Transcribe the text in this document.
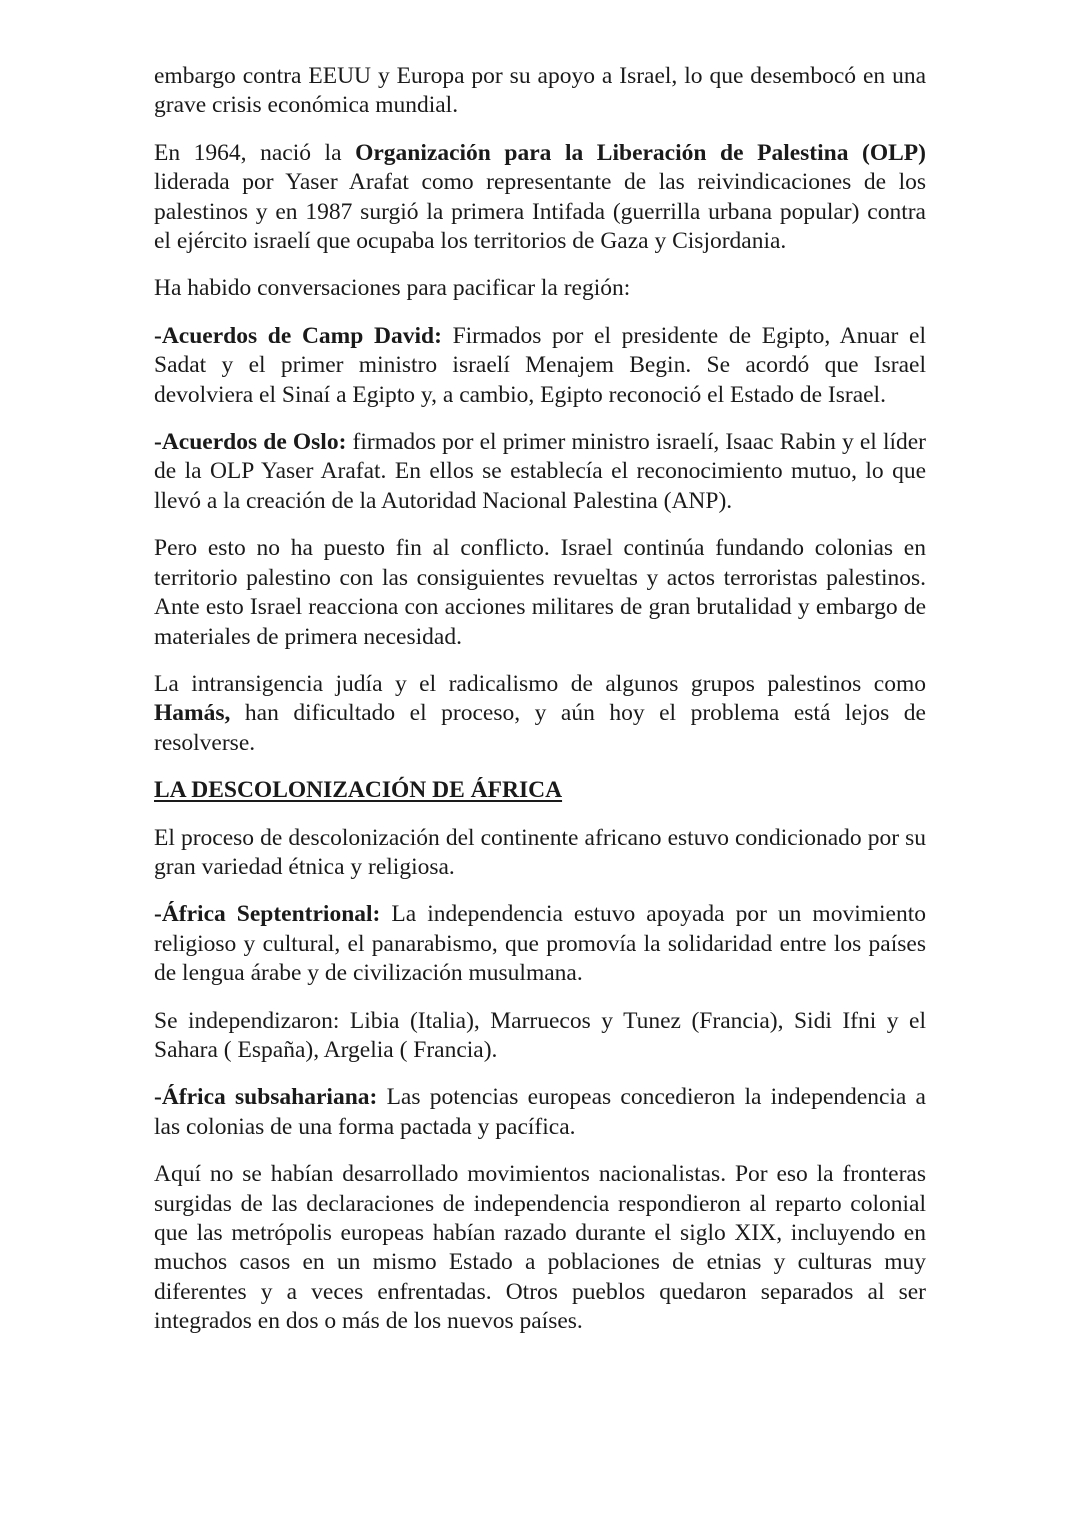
embargo contra EEUU y Europa por su apoyo a Israel, lo que desembocó en una grave crisis económica mundial.

En 1964, nació la Organización para la Liberación de Palestina (OLP) liderada por Yaser Arafat como representante de las reivindicaciones de los palestinos y en 1987 surgió la primera Intifada (guerrilla urbana popular) contra el ejército israelí que ocupaba los territorios de Gaza y Cisjordania.

Ha habido conversaciones para pacificar la región:

-Acuerdos de Camp David: Firmados por el presidente de Egipto, Anuar el Sadat y el primer ministro israelí Menajem Begin. Se acordó que Israel devolviera el Sinaí a Egipto y, a cambio, Egipto reconoció el Estado de Israel.

-Acuerdos de Oslo: firmados por el primer ministro israelí, Isaac Rabin y el líder de la OLP Yaser Arafat. En ellos se establecía el reconocimiento mutuo, lo que llevó a la creación de la Autoridad Nacional Palestina (ANP).

Pero esto no ha puesto fin al conflicto. Israel continúa fundando colonias en territorio palestino con las consiguientes revueltas y actos terroristas palestinos. Ante esto Israel reacciona con acciones militares de gran brutalidad y embargo de materiales de primera necesidad.

La intransigencia judía y el radicalismo de algunos grupos palestinos como Hamás, han dificultado el proceso, y aún hoy el problema está lejos de resolverse.

LA DESCOLONIZACIÓN DE ÁFRICA

El proceso de descolonización del continente africano estuvo condicionado por su gran variedad étnica y religiosa.

-África Septentrional: La independencia estuvo apoyada por un movimiento religioso y cultural, el panarabismo, que promovía la solidaridad entre los países de lengua árabe y de civilización musulmana.

Se independizaron: Libia (Italia), Marruecos y Tunez (Francia), Sidi Ifni y el Sahara ( España), Argelia ( Francia).

-África subsahariana: Las potencias europeas concedieron la independencia a las colonias de una forma pactada y pacífica.

Aquí no se habían desarrollado movimientos nacionalistas. Por eso la fronteras surgidas de las declaraciones de independencia respondieron al reparto colonial que las metrópolis europeas habían razado durante el siglo XIX, incluyendo en muchos casos en un mismo Estado a poblaciones de etnias y culturas muy diferentes y a veces enfrentadas. Otros pueblos quedaron separados al ser integrados en dos o más de los nuevos países.
